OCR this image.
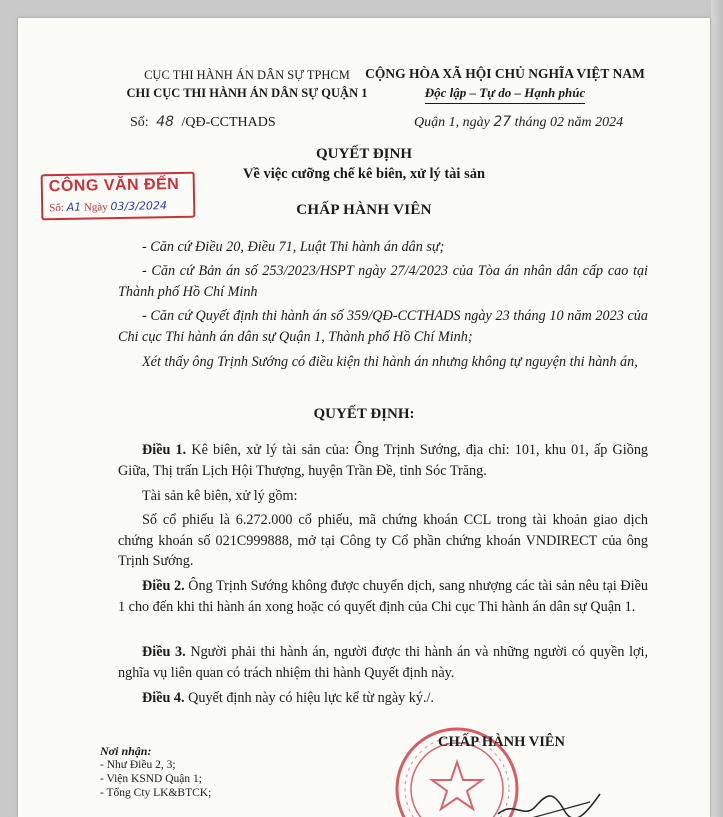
CỤC THI HÀNH ÁN DÂN SỰ TPHCM
CHI CỤC THI HÀNH ÁN DÂN SỰ QUẬN 1
CỘNG HÒA XÃ HỘI CHỦ NGHĨA VIỆT NAM
Độc lập – Tự do – Hạnh phúc
Số: 48 /QĐ-CCTHADS	Quận 1, ngày 27 tháng 02 năm 2024
CÔNG VĂN ĐẾN
Số: A1 Ngày 03/3/2024
QUYẾT ĐỊNH
Về việc cưỡng chế kê biên, xử lý tài sản
CHẤP HÀNH VIÊN
- Căn cứ Điều 20, Điều 71, Luật Thi hành án dân sự;
- Căn cứ Bản án số 253/2023/HSPT ngày 27/4/2023 của Tòa án nhân dân cấp cao tại Thành phố Hồ Chí Minh
- Căn cứ Quyết định thi hành án số 359/QĐ-CCTHADS ngày 23 tháng 10 năm 2023 của Chi cục Thi hành án dân sự Quận 1, Thành phố Hồ Chí Minh;
Xét thấy ông Trịnh Sướng có điều kiện thi hành án nhưng không tự nguyện thi hành án,
QUYẾT ĐỊNH:
Điều 1. Kê biên, xử lý tài sản của: Ông Trịnh Sướng, địa chỉ: 101, khu 01, ấp Giồng Giữa, Thị trấn Lịch Hội Thượng, huyện Trần Đề, tỉnh Sóc Trăng.
Tài sản kê biên, xử lý gồm:
Số cổ phiếu là 6.272.000 cổ phiếu, mã chứng khoán CCL trong tài khoản giao dịch chứng khoán số 021C999888, mở tại Công ty Cổ phần chứng khoán VNDIRECT của ông Trịnh Sướng.
Điều 2. Ông Trịnh Sướng không được chuyển dịch, sang nhượng các tài sản nêu tại Điều 1 cho đến khi thi hành án xong hoặc có quyết định của Chi cục Thi hành án dân sự Quận 1.
Điều 3. Người phải thi hành án, người được thi hành án và những người có quyền lợi, nghĩa vụ liên quan có trách nhiệm thi hành Quyết định này.
Điều 4. Quyết định này có hiệu lực kể từ ngày ký./.
Nơi nhận:
- Như Điều 2, 3;
- Viện KSND Quận 1;
- Tổng Cty LK&BTCK;
CHẤP HÀNH VIÊN
